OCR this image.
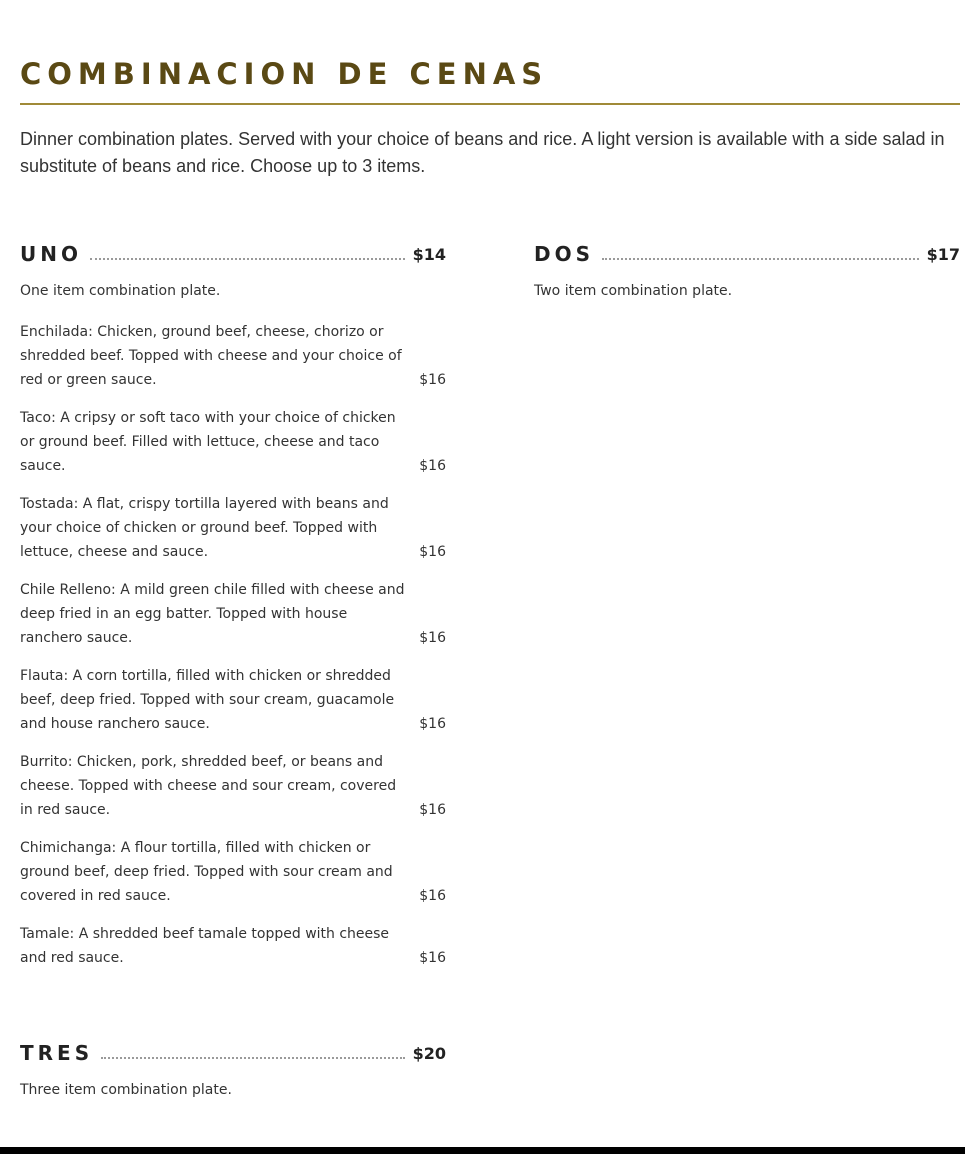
COMBINACION DE CENAS

Dinner combination plates. Served with your choice of beans and rice. A light version is available with a side salad in substitute of beans and rice. Choose up to 3 items.

UNO	$14

One item combination plate.

DOS	$17

Two item combination plate.

Enchilada: Chicken, ground beef, cheese, chorizo or shredded beef. Topped with cheese and your choice of red or green sauce.	$16
Taco: A cripsy or soft taco with your choice of chicken or ground beef. Filled with lettuce, cheese and taco sauce.	$16
Tostada: A flat, crispy tortilla layered with beans and your choice of chicken or ground beef. Topped with lettuce, cheese and sauce.	$16
Chile Relleno: A mild green chile filled with cheese and deep fried in an egg batter. Topped with house ranchero sauce.	$16
Flauta: A corn tortilla, filled with chicken or shredded beef, deep fried. Topped with sour cream, guacamole and house ranchero sauce.	$16
Burrito: Chicken, pork, shredded beef, or beans and cheese. Topped with cheese and sour cream, covered in red sauce.	$16
Chimichanga: A flour tortilla, filled with chicken or ground beef, deep fried. Topped with sour cream and covered in red sauce.	$16
Tamale: A shredded beef tamale topped with cheese and red sauce.	$16
TRES	$20

Three item combination plate.
